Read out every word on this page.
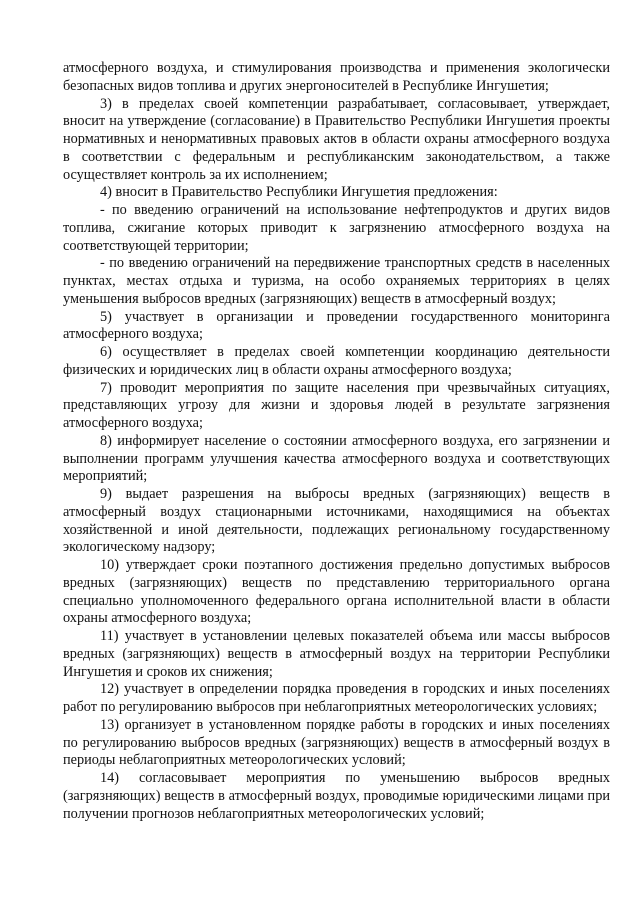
атмосферного воздуха, и стимулирования производства и применения экологически безопасных видов топлива и других энергоносителей в Республике Ингушетия;

3) в пределах своей компетенции разрабатывает, согласовывает, утверждает, вносит на утверждение (согласование) в Правительство Республики Ингушетия проекты нормативных и ненормативных правовых актов в области охраны атмосферного воздуха в соответствии с федеральным и республиканским законодательством, а также осуществляет контроль за их исполнением;

4) вносит в Правительство Республики Ингушетия предложения:

- по введению ограничений на использование нефтепродуктов и других видов топлива, сжигание которых приводит к загрязнению атмосферного воздуха на соответствующей территории;

- по введению ограничений на передвижение транспортных средств в населенных пунктах, местах отдыха и туризма, на особо охраняемых территориях в целях уменьшения выбросов вредных (загрязняющих) веществ в атмосферный воздух;

5) участвует в организации и проведении государственного мониторинга атмосферного воздуха;

6) осуществляет в пределах своей компетенции координацию деятельности физических и юридических лиц в области охраны атмосферного воздуха;

7) проводит мероприятия по защите населения при чрезвычайных ситуациях, представляющих угрозу для жизни и здоровья людей в результате загрязнения атмосферного воздуха;

8) информирует население о состоянии атмосферного воздуха, его загрязнении и выполнении программ улучшения качества атмосферного воздуха и соответствующих мероприятий;

9) выдает разрешения на выбросы вредных (загрязняющих) веществ в атмосферный воздух стационарными источниками, находящимися на объектах хозяйственной и иной деятельности, подлежащих региональному государственному экологическому надзору;

10) утверждает сроки поэтапного достижения предельно допустимых выбросов вредных (загрязняющих) веществ по представлению территориального органа специально уполномоченного федерального органа исполнительной власти в области охраны атмосферного воздуха;

11) участвует в установлении целевых показателей объема или массы выбросов вредных (загрязняющих) веществ в атмосферный воздух на территории Республики Ингушетия и сроков их снижения;

12) участвует в определении порядка проведения в городских и иных поселениях работ по регулированию выбросов при неблагоприятных метеорологических условиях;

13) организует в установленном порядке работы в городских и иных поселениях по регулированию выбросов вредных (загрязняющих) веществ в атмосферный воздух в периоды неблагоприятных метеорологических условий;

14) согласовывает мероприятия по уменьшению выбросов вредных (загрязняющих) веществ в атмосферный воздух, проводимые юридическими лицами при получении прогнозов неблагоприятных метеорологических условий;
